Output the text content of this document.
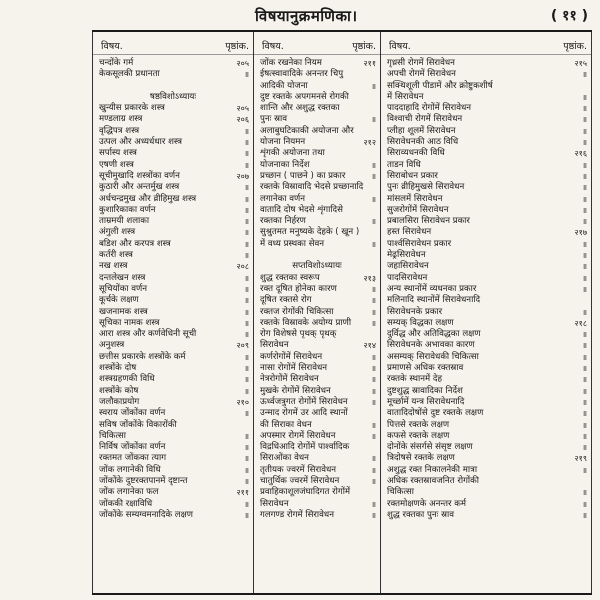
विषयानुक्रमणिका।	( ११ )
विषय.	पृष्ठांक.
चन्दोंके गर्म	२०५
केकसूलकी प्रधानता	॥
षष्ठविशोऽध्यायः
खुन्यीस प्रकारके शस्त्र	२०५
मण्डलाग्र शस्त्र	२०६
वृद्धिपत्र शस्त्र	॥
उत्पल और अध्यर्धधार शस्त्र	॥
सर्पास्य शस्त्र	॥
एषणी शस्त्र	॥
सूचीमुखादि शस्त्रोंका वर्णन	२०७
कुठारी और अन्तर्मुख शस्त्र	॥
अर्धचन्द्रमुख और व्रीहिमुख शस्त्र	॥
कुशारिकाका वर्णन	॥
ताम्रमयी शलाका	॥
अंगुली शस्त्र	॥
बडिश और करपत्र शस्त्र	॥
कर्तरी शस्त्र	॥
नख शस्त्र	२०८
दन्तलेखन शस्त्र	॥
सूचियोंका वर्णन	॥
कूर्चके लक्षण	॥
खजनामक शस्त्र	॥
सूचिका नामक शस्त्र	॥
आरा शस्त्र और कर्णवेधिनी सूची	॥
अनुशस्त्र	२०९
छत्तीस प्रकारके शस्त्रोंके कर्म	॥
शस्त्रोंके दोष	॥
शस्त्रग्रहणकी विधि	॥
शस्त्रोंके कोष	॥
जलौकाप्रयोग	२१०
स्वराय जोंकोंका वर्णन	॥
सविष जोंकोंके विकारोंकी
चिकित्सा	॥
निर्विष जोंकोंका वर्णन	॥
रक्तमत जोंकका त्याग	॥
जोंक लगानेकी विधि	॥
जोंकोंके दुष्टरक्तपानमें दृष्टान्त	॥
जोंक लगानेका फल	२११
जोंककी रक्षाविधि	॥
जोंकोंके सम्यग्वमनादिके लक्षण	॥
विषय.	पृष्ठांक.
जोंक रखनेका नियम	२११
ईषत्स्वावादिके अनन्तर चिपु
आदिकी योजना	॥
दुष्ट रक्तके अपगमनसे रोगकी
शान्ति और अशुद्ध रक्तका
पुनः स्राव	॥
अलाबुघटिकाकी अयोजना और
योजना नियमन	२१२
शृंगकी अयोजना तथा
योजनाका निर्देश	॥
प्रच्छान ( पाछने ) का प्रकार	॥
रक्तके विस्रावादि भेदसे प्रच्छानादि
लगानेका वर्णन	॥
वातादि दोष भेदसे शृंगादिसे
रक्तका निर्हरण	॥
सुश्रुतमत मनुष्यके देहके ( खून )
में वध्य प्रस्थका सेवन	॥
सप्तविशोऽध्यायः
शुद्ध रक्तका स्वरूप	२१३
रक्त दूषित होनेका कारण	॥
दूषित रक्तसे रोग	॥
रक्तज रोगोंकी चिकित्सा	॥
रक्तके विस्रावके अयोग्य प्राणी	॥
रोग विशेषसे पृथक् पृथक्
सिरावेधन	२१४
कर्णरोगोंमें सिरावेधन	॥
नासा रोगोंमें सिरावेधन	॥
नेत्ररोगोंमें सिरावेधन	॥
मुखके रोगोंमें सिरावेधन	॥
ऊर्ध्वजत्रुगत रोगोंमें सिरावेधन	॥
उन्माद रोगमें उर आदि स्थानों
की सिराका वेधन	॥
अपस्मार रोगमें सिरावेधन	॥
विद्रधिआदि रोगोंमें पार्श्वादिक
सिराओंका वेधन	॥
तृतीयक ज्वरमें सिरावेधन	॥
चातुर्थिक ज्वरमें सिरावेधन	॥
प्रवाहिकाशूलजंघादिगत रोगोंमें
सिरावेधन	॥
गलगण्ड रोगमें सिरावेधन	॥
विषय.	पृष्ठांक.
गृध्रसी रोगमें सिरावेधन	२१५
अपची रोगमें सिरावेधन	॥
सक्थिशूली पीडामें और क्रोष्टुकशीर्ष
में सिरावेधन	॥
पाददाहादि रोगोंमें सिरावेधन	॥
विश्वाची रोगमें सिरावेधन	॥
प्लीहा शूलमें सिरावेधन	॥
सिरावेधनकी आठ विधि	॥
सिराव्यधनकी विधि	२१६
ताडन विधि	॥
सिराबोधन प्रकार	॥
पुनः व्रीहिमुखसे सिरावेधन	॥
मांसलमें सिरावेधन	॥
सुजरोगोंमें सिरावेधन	॥
प्रबालसिरा सिरावेधन प्रकार	॥
हस्त सिरावेधन	२१७
पार्श्वसिरावेधन प्रकार	॥
मेढ्रसिरावेधन	॥
जहासिरावेधन	॥
पादसिरावेधन	॥
अन्य स्थानोंमें व्यधनका प्रकार	॥
मलिनादि स्थानोंमें सिरावेधनादि
सिरावेधनके प्रकार	॥
सम्यक् विद्धका लक्षण	२१८
दुर्विद्ध और अतिविद्धका लक्षण	॥
सिरावेधनके अभावका कारण	॥
असम्यक् सिरावेधकी चिकित्सा	॥
प्रमाणसे अधिक रक्तस्राव	॥
रक्तके स्थानमें देह	॥
दुष्टशुद्ध स्रावादिका निर्देश	॥
मूर्च्छामें यन्त्र सिरावेधनादि	॥
वातादिदोषोंसे दुष्ट रक्तके लक्षण	॥
पित्तसे रक्तके लक्षण	॥
कफसे रक्तके लक्षण	॥
दोनोंके संसर्गसे संसृष्ट लक्षण	॥
त्रिदोषसे रक्तके लक्षण	२१९
अशुद्ध रक्त निकालनेकी मात्रा	॥
अधिक रक्तस्रावजनित रोगोंकी
चिकित्सा	॥
रक्तमोक्षणके अनन्तर कर्म	॥
शुद्ध रक्तका पुनः स्राव	॥
